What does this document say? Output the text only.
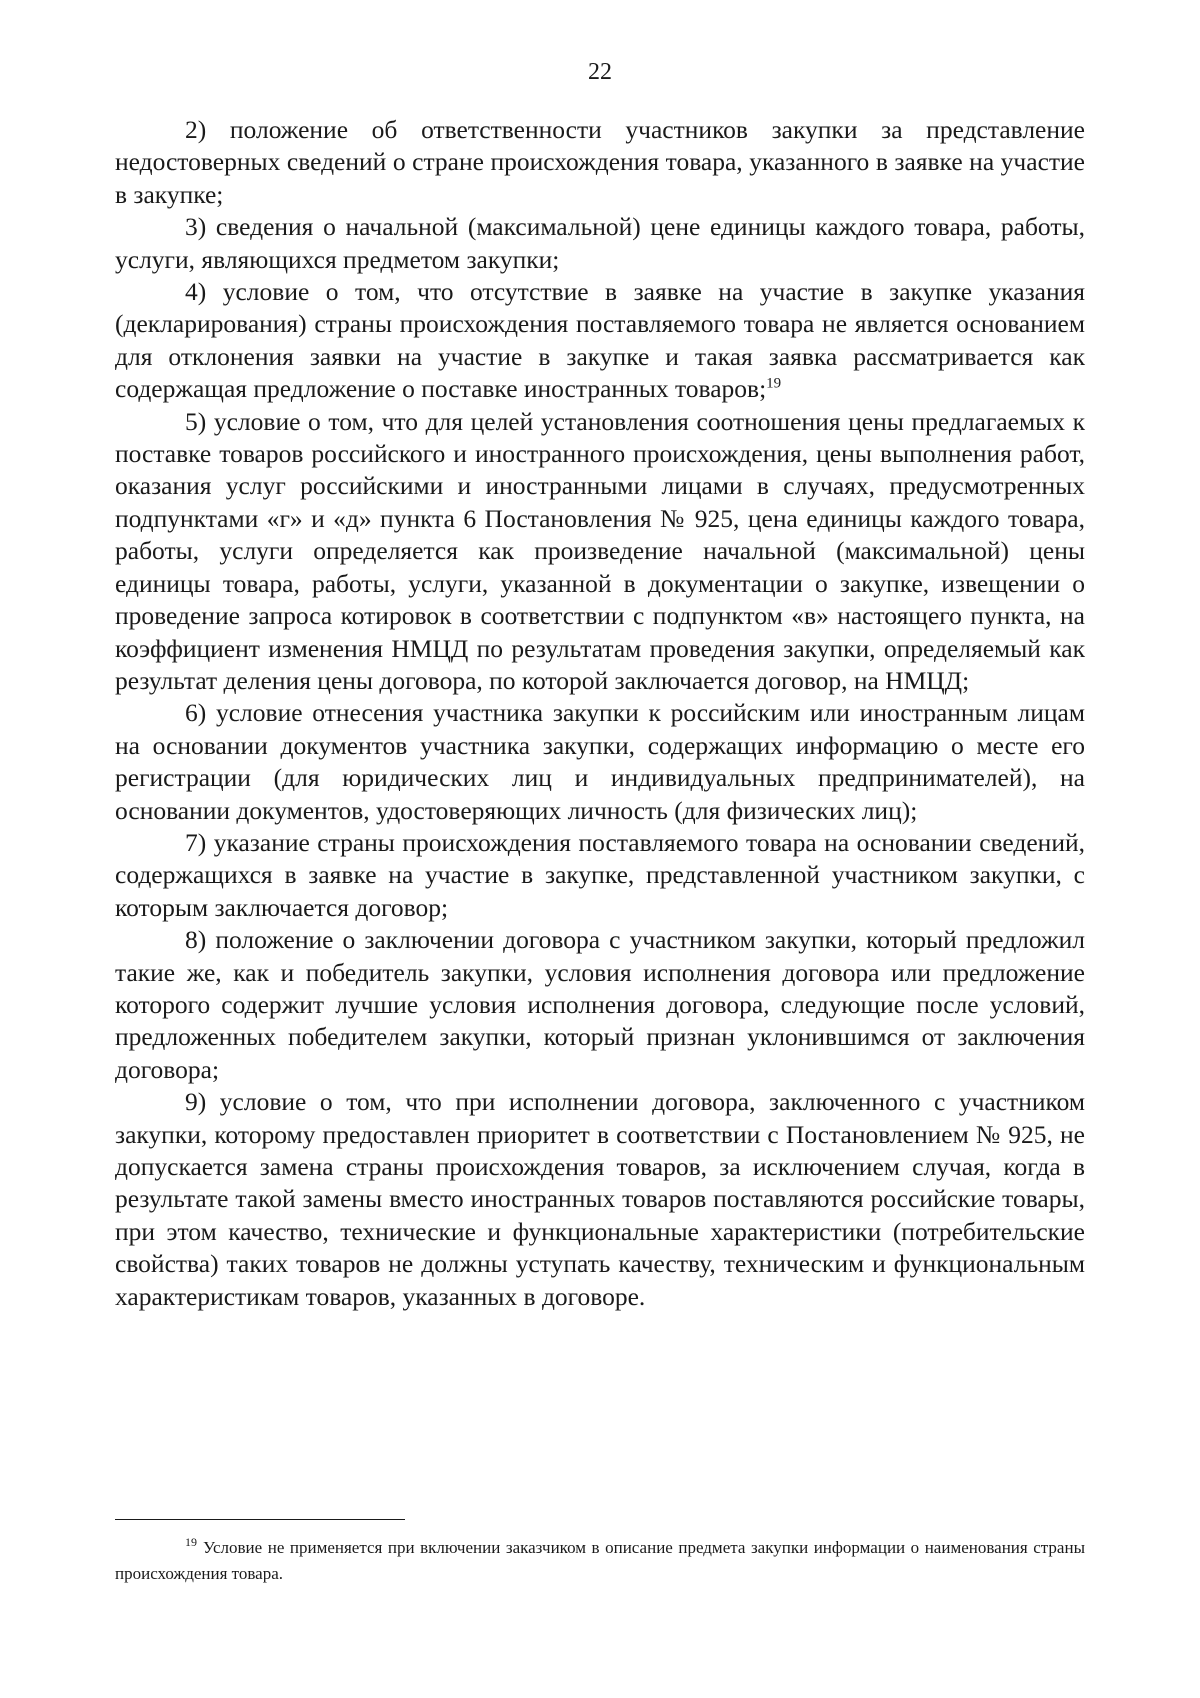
22

2) положение об ответственности участников закупки за представление недостоверных сведений о стране происхождения товара, указанного в заявке на участие в закупке;

3) сведения о начальной (максимальной) цене единицы каждого товара, работы, услуги, являющихся предметом закупки;

4) условие о том, что отсутствие в заявке на участие в закупке указания (декларирования) страны происхождения поставляемого товара не является основанием для отклонения заявки на участие в закупке и такая заявка рассматривается как содержащая предложение о поставке иностранных товаров;$^{19}$

5) условие о том, что для целей установления соотношения цены предлагаемых к поставке товаров российского и иностранного происхождения, цены выполнения работ, оказания услуг российскими и иностранными лицами в случаях, предусмотренных подпунктами «г» и «д» пункта 6 Постановления № 925, цена единицы каждого товара, работы, услуги определяется как произведение начальной (максимальной) цены единицы товара, работы, услуги, указанной в документации о закупке, извещении о проведение запроса котировок в соответствии с подпунктом «в» настоящего пункта, на коэффициент изменения НМЦД по результатам проведения закупки, определяемый как результат деления цены договора, по которой заключается договор, на НМЦД;

6) условие отнесения участника закупки к российским или иностранным лицам на основании документов участника закупки, содержащих информацию о месте его регистрации (для юридических лиц и индивидуальных предпринимателей), на основании документов, удостоверяющих личность (для физических лиц);

7) указание страны происхождения поставляемого товара на основании сведений, содержащихся в заявке на участие в закупке, представленной участником закупки, с которым заключается договор;

8) положение о заключении договора с участником закупки, который предложил такие же, как и победитель закупки, условия исполнения договора или предложение которого содержит лучшие условия исполнения договора, следующие после условий, предложенных победителем закупки, который признан уклонившимся от заключения договора;

9) условие о том, что при исполнении договора, заключенного с участником закупки, которому предоставлен приоритет в соответствии с Постановлением № 925, не допускается замена страны происхождения товаров, за исключением случая, когда в результате такой замены вместо иностранных товаров поставляются российские товары, при этом качество, технические и функциональные характеристики (потребительские свойства) таких товаров не должны уступать качеству, техническим и функциональным характеристикам товаров, указанных в договоре.

$^{19}$ Условие не применяется при включении заказчиком в описание предмета закупки информации о наименования страны происхождения товара.
